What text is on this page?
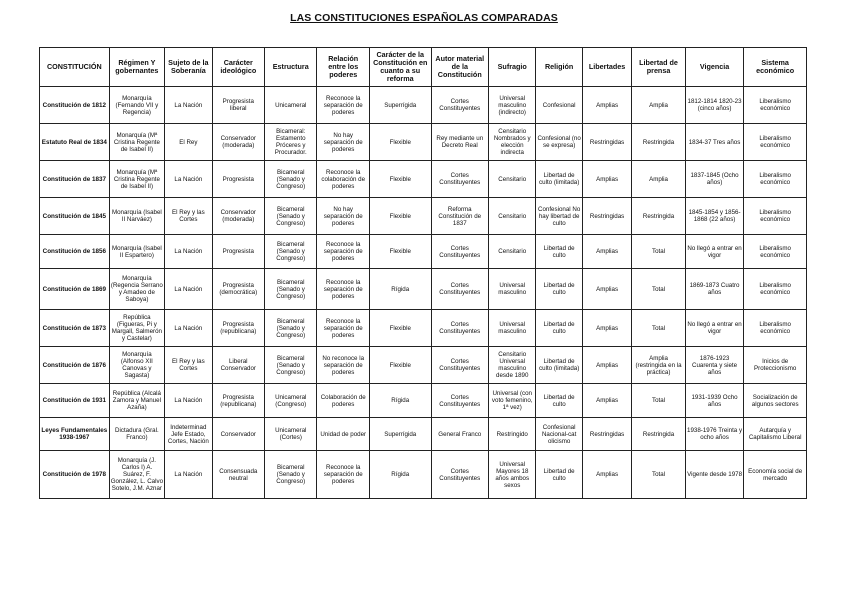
LAS CONSTITUCIONES ESPAÑOLAS COMPARADAS
CONSTITUCIÓN	Régimen Y gobernantes	Sujeto de la Soberanía	Carácter ideológico	Estructura	Relación entre los poderes	Carácter de la Constitución en cuanto a su reforma	Autor material de la Constitución	Sufragio	Religión	Libertades	Libertad de prensa	Vigencia	Sistema económico
Constitución de 1812	Monarquía (Fernando VII y Regencia)	La Nación	Progresista liberal	Unicameral	Reconoce la separación de poderes	Superrígida	Cortes Constituyentes	Universal masculino (indirecto)	Confesional	Amplias	Amplia	1812-1814 1820-23 (cinco años)	Liberalismo económico
Estatuto Real de 1834	Monarquía (Mª Cristina Regente de Isabel II)	El Rey	Conservador (moderada)	Bicameral: Estamento Próceres y Procurador.	No hay separación de poderes	Flexible	Rey mediante un Decreto Real	Censitario Nombrados y elección indirecta	Confesional (no se expresa)	Restringidas	Restringida	1834-37 Tres años	Liberalismo económico
Constitución de 1837	Monarquía (Mª Cristina Regente de Isabel II)	La Nación	Progresista	Bicameral (Senado y Congreso)	Reconoce la colaboración de poderes	Flexible	Cortes Constituyentes	Censitario	Libertad de culto (limitada)	Amplias	Amplia	1837-1845 (Ocho años)	Liberalismo económico
Constitución de 1845	Monarquía (Isabel II Narváez)	El Rey y las Cortes	Conservador (moderada)	Bicameral (Senado y Congreso)	No hay separación de poderes	Flexible	Reforma Constitución de 1837	Censitario	Confesional No hay libertad de culto	Restringidas	Restringida	1845-1854 y 1856-1868 (22 años)	Liberalismo económico
Constitución de 1856	Monarquía (Isabel II Espartero)	La Nación	Progresista	Bicameral (Senado y Congreso)	Reconoce la separación de poderes	Flexible	Cortes Constituyentes	Censitario	Libertad de culto	Amplias	Total	No llegó a entrar en vigor	Liberalismo económico
Constitución de 1869	Monarquía (Regencia Serrano y Amadeo de Saboya)	La Nación	Progresista (democrática)	Bicameral (Senado y Congreso)	Reconoce la separación de poderes	Rígida	Cortes Constituyentes	Universal masculino	Libertad de culto	Amplias	Total	1869-1873 Cuatro años	Liberalismo económico
Constitución de 1873	República (Figueras, Pi y Margall, Salmerón y Castelar)	La Nación	Progresista (republicana)	Bicameral (Senado y Congreso)	Reconoce la separación de poderes	Flexible	Cortes Constituyentes	Universal masculino	Libertad de culto	Amplias	Total	No llegó a entrar en vigor	Liberalismo económico
Constitución de 1876	Monarquía (Alfonso XII Canovas y Sagasta)	El Rey y las Cortes	Liberal Conservador	Bicameral (Senado y Congreso)	No reconoce la separación de poderes	Flexible	Cortes Constituyentes	Censitario Universal masculino desde 1890	Libertad de culto (limitada)	Amplias	Amplia (restringida en la práctica)	1876-1923 Cuarenta y siete años	Inicios de Proteccionismo
Constitución de 1931	República (Alcalá Zamora y Manuel Azaña)	La Nación	Progresista (republicana)	Unicameral (Congreso)	Colaboración de poderes	Rígida	Cortes Constituyentes	Universal (con voto femenino, 1ª vez)	Libertad de culto	Amplias	Total	1931-1939 Ocho años	Socialización de algunos sectores
Leyes Fundamentales 1938-1967	Dictadura (Gral. Franco)	Indeterminad Jefe Estado, Cortes, Nación	Conservador	Unicameral (Cortes)	Unidad de poder	Superrígida	General Franco	Restringido	Confesional Nacional-cat olicismo	Restringidas	Restringida	1938-1976 Treinta y ocho años	Autarquía y Capitalismo Liberal
Constitución de 1978	Monarquía (J. Carlos I) A. Suárez, F. González, L. Calvo Sotelo, J.M. Aznar	La Nación	Consensuada neutral	Bicameral (Senado y Congreso)	Reconoce la separación de poderes	Rígida	Cortes Constituyentes	Universal Mayores 18 años ambos sexos	Libertad de culto	Amplias	Total	Vigente desde 1978	Economía social de mercado
